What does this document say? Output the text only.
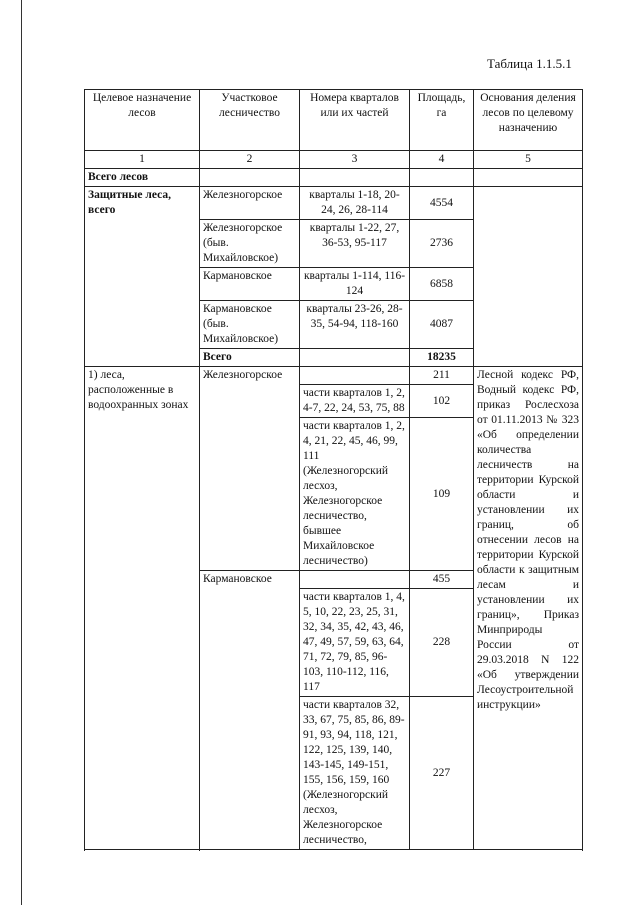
Таблица 1.1.5.1
Целевое назначение лесов	Участковое лесничество	Номера кварталов или их частей	Площадь, га	Основания деления лесов по целевому назначению
1	2	3	4	5
Всего лесов				
Защитные леса, всего	Железногорское	кварталы 1-18, 20-24, 26, 28-114	4554	
	Железногорское (быв. Михайловское)	кварталы 1-22, 27, 36-53, 95-117	2736	
	Кармановское	кварталы 1-114, 116-124	6858	
	Кармановское (быв. Михайловское)	кварталы 23-26, 28-35, 54-94, 118-160	4087	
	Всего		18235	
1) леса, расположенные в водоохранных зонах	Железногорское		211	Лесной кодекс РФ, Водный кодекс РФ, приказ Рослесхоза от 01.11.2013 № 323 «Об определении количества лесничеств на территории Курской области и установлении их границ, об отнесении лесов на территории Курской области к защитным лесам и установлении их границ», Приказ Минприроды России от 29.03.2018 N 122 «Об утверждении Лесоустроительной инструкции»
		части кварталов 1, 2, 4-7, 22, 24, 53, 75, 88	102	
		части кварталов 1, 2, 4, 21, 22, 45, 46, 99, 111 (Железногорский лесхоз, Железногорское лесничество, бывшее Михайловское лесничество)	109	
	Кармановское		455	
		части кварталов 1, 4, 5, 10, 22, 23, 25, 31, 32, 34, 35, 42, 43, 46, 47, 49, 57, 59, 63, 64, 71, 72, 79, 85, 96-103, 110-112, 116, 117	228	
		части кварталов 32, 33, 67, 75, 85, 86, 89-91, 93, 94, 118, 121, 122, 125, 139, 140, 143-145, 149-151, 155, 156, 159, 160 (Железногорский лесхоз, Железногорское лесничество,	227	
